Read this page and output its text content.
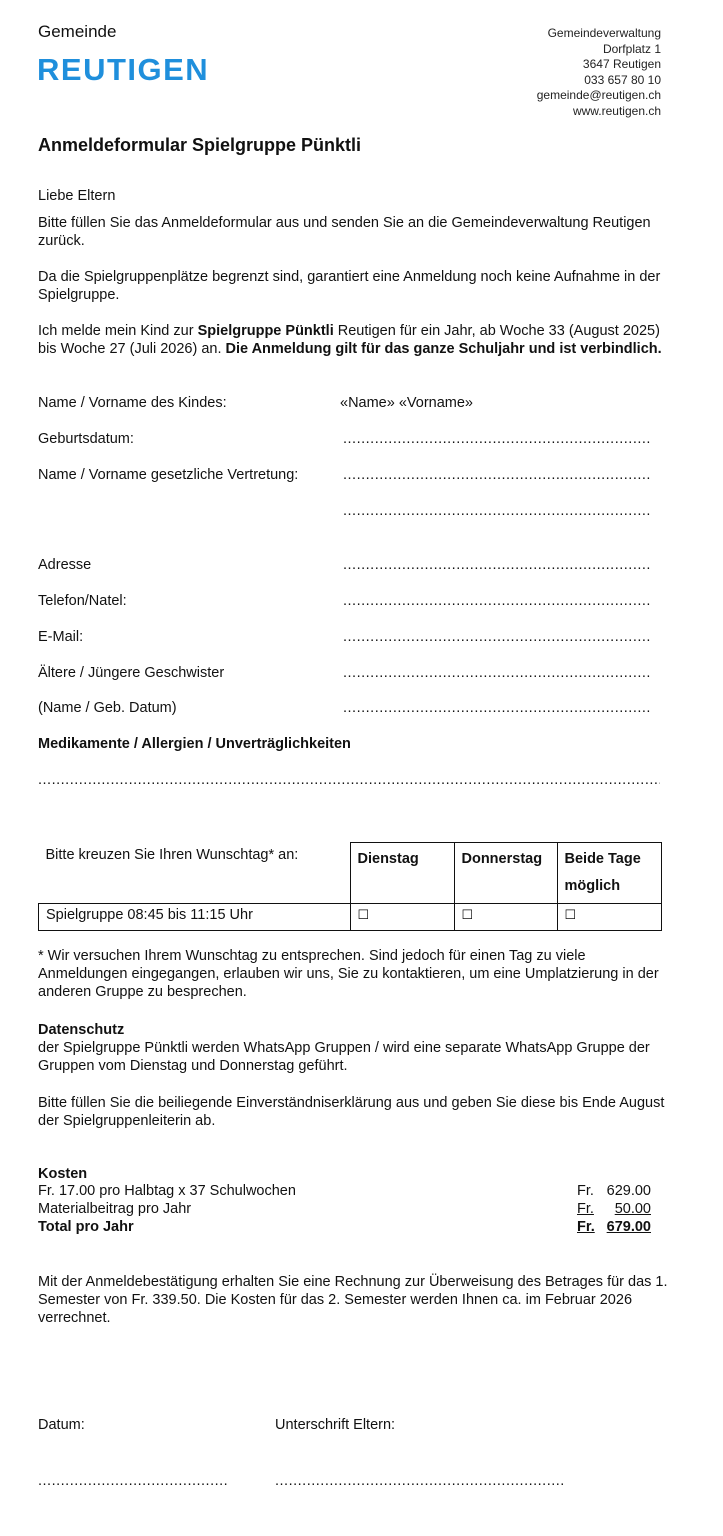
Gemeinde
REUTIGEN
Gemeindeverwaltung
Dorfplatz 1
3647 Reutigen
033 657 80 10
gemeinde@reutigen.ch
www.reutigen.ch
Anmeldeformular Spielgruppe Pünktli
Liebe Eltern
Bitte füllen Sie das Anmeldeformular aus und senden Sie an die Gemeindeverwaltung Reutigen zurück.
Da die Spielgruppenplätze begrenzt sind, garantiert eine Anmeldung noch keine Aufnahme in der Spielgruppe.
Ich melde mein Kind zur Spielgruppe Pünktli Reutigen für ein Jahr, ab Woche 33 (August 2025) bis Woche 27 (Juli 2026) an. Die Anmeldung gilt für das ganze Schuljahr und ist verbindlich.
Name / Vorname des Kindes:	«Name» «Vorname»
Geburtsdatum:
.....
Name / Vorname gesetzliche Vertretung:
.....
.....
Adresse
.....
Telefon/Natel:
.....
E-Mail:
.....
Ältere / Jüngere Geschwister
.....
(Name / Geb. Datum)
.....
Medikamente / Allergien / Unverträglichkeiten
.....
Bitte kreuzen Sie Ihren Wunschtag* an:	Dienstag	Donnerstag	Beide Tage
möglich

Spielgruppe 08:45 bis 11:15 Uhr	☐	☐	☐
* Wir versuchen Ihrem Wunschtag zu entsprechen. Sind jedoch für einen Tag zu viele Anmeldungen eingegangen, erlauben wir uns, Sie zu kontaktieren, um eine Umplatzierung in der anderen Gruppe zu besprechen.
Datenschutz
der Spielgruppe Pünktli werden WhatsApp Gruppen / wird eine separate WhatsApp Gruppe der Gruppen vom Dienstag und Donnerstag geführt.
Bitte füllen Sie die beiliegende Einverständniserklärung aus und geben Sie diese bis Ende August der Spielgruppenleiterin ab.
Kosten
Fr. 17.00 pro Halbtag x 37 Schulwochen	Fr. 629.00
Materialbeitrag pro Jahr	Fr. 50.00
Total pro Jahr	Fr. 679.00
Mit der Anmeldebestätigung erhalten Sie eine Rechnung zur Überweisung des Betrages für das 1. Semester von Fr. 339.50. Die Kosten für das 2. Semester werden Ihnen ca. im Februar 2026 verrechnet.
Datum:	Unterschrift Eltern:
.....
.....
